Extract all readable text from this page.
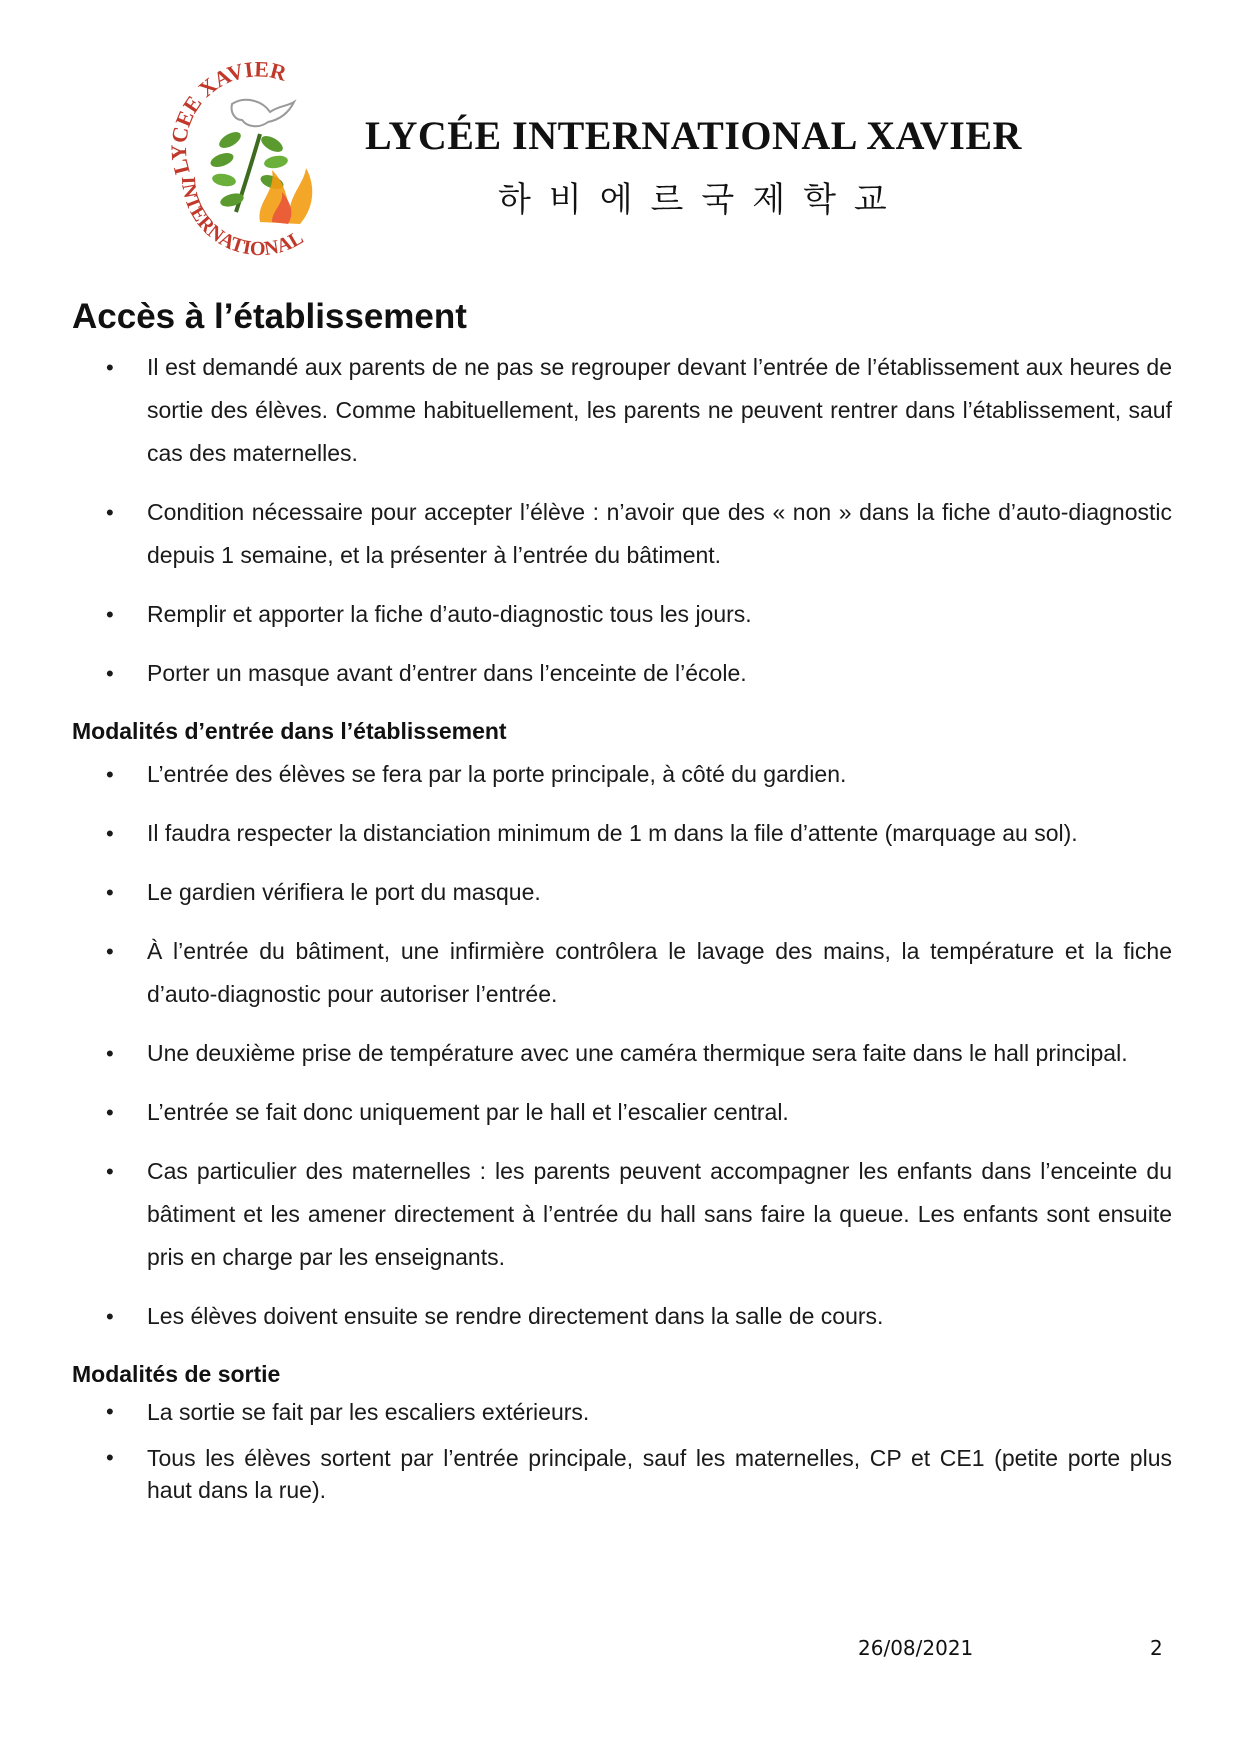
LYCEE XAVIER
INTERNATIONAL
LYCÉE INTERNATIONAL XAVIER
하비에르국제학교
Accès à l’établissement
• Il est demandé aux parents de ne pas se regrouper devant l’entrée de l’établissement aux heures de sortie des élèves. Comme habituellement, les parents ne peuvent rentrer dans l’établissement, sauf cas des maternelles.
• Condition nécessaire pour accepter l’élève : n’avoir que des « non » dans la fiche d’auto-diagnostic depuis 1 semaine, et la présenter à l’entrée du bâtiment.
• Remplir et apporter la fiche d’auto-diagnostic tous les jours.
• Porter un masque avant d’entrer dans l’enceinte de l’école.
Modalités d’entrée dans l’établissement
• L’entrée des élèves se fera par la porte principale, à côté du gardien.
• Il faudra respecter la distanciation minimum de 1 m dans la file d’attente (marquage au sol).
• Le gardien vérifiera le port du masque.
• À l’entrée du bâtiment, une infirmière contrôlera le lavage des mains, la température et la fiche d’auto-diagnostic pour autoriser l’entrée.
• Une deuxième prise de température avec une caméra thermique sera faite dans le hall principal.
• L’entrée se fait donc uniquement par le hall et l’escalier central.
• Cas particulier des maternelles : les parents peuvent accompagner les enfants dans l’enceinte du bâtiment et les amener directement à l’entrée du hall sans faire la queue. Les enfants sont ensuite pris en charge par les enseignants.
• Les élèves doivent ensuite se rendre directement dans la salle de cours.
Modalités de sortie
• La sortie se fait par les escaliers extérieurs.
• Tous les élèves sortent par l’entrée principale, sauf les maternelles, CP et CE1 (petite porte plus haut dans la rue).
26/08/2021	2
